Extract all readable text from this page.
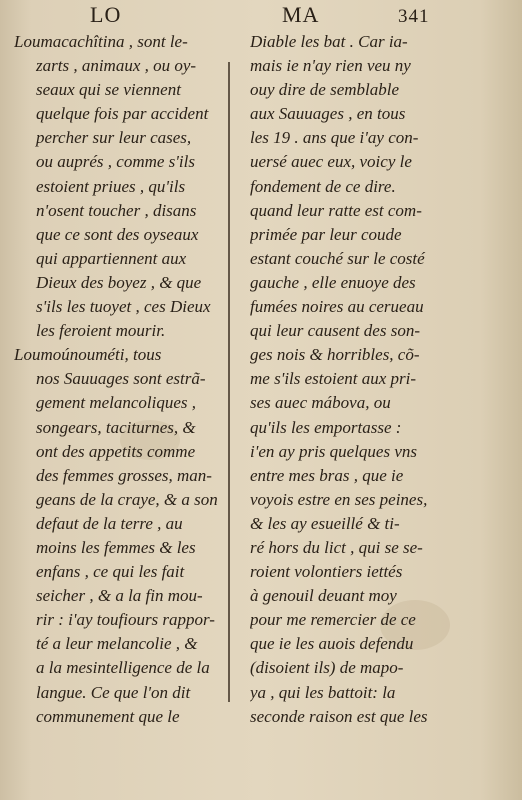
LO	MA	341
Loumacachîtina , sont le-
zarts , animaux , ou oy-
seaux qui se viennent
quelque fois par accident
percher sur leur cases,
ou auprés , comme s'ils
estoient priues , qu'ils
n'osent toucher , disans
que ce sont des oyseaux
qui appartiennent aux
Dieux des boyez , & que
s'ils les tuoyet , ces Dieux
les feroient mourir.
Loumoúnouméti, tous
nos Sauuages sont estrã-
gement melancoliques ,
songears, taciturnes, &
ont des appetits comme
des femmes grosses, man-
geans de la craye, & a son
defaut de la terre , au
moins les femmes & les
enfans , ce qui les fait
seicher , & a la fin mou-
rir : i'ay toufiours rappor-
té a leur melancolie , &
a la mesintelligence de la
langue. Ce que l'on dit
communement que le
Diable les bat . Car ia-
mais ie n'ay rien veu ny
ouy dire de semblable
aux Sauuages , en tous
les 19 . ans que i'ay con-
uersé auec eux, voicy le
fondement de ce dire.
quand leur ratte est com-
primée par leur coude
estant couché sur le costé
gauche , elle enuoye des
fumées noires au cerueau
qui leur causent des son-
ges nois & horribles, cõ-
me s'ils estoient aux pri-
ses auec mábova, ou
qu'ils les emportasse :
i'en ay pris quelques vns
entre mes bras , que ie
voyois estre en ses peines,
& les ay esueillé & ti-
ré hors du lict , qui se se-
roient volontiers iettés
à genouil deuant moy
pour me remercier de ce
que ie les auois defendu
(disoient ils) de mapo-
ya , qui les battoit: la
seconde raison est que les
